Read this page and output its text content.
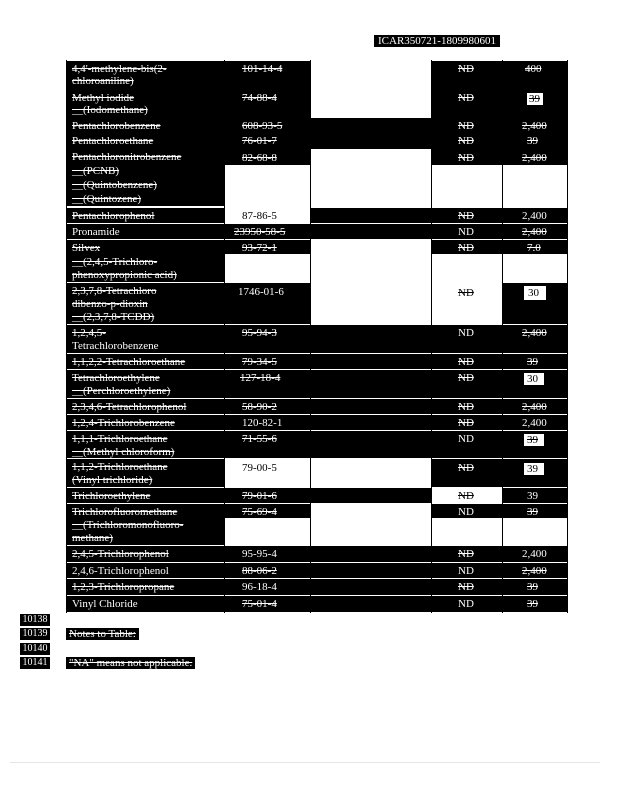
ICAR350721-1809980601
4,4'-methylene-bis(2-
chloroaniline)
101-14-4	ND	400
Methyl iodide
__(Iodomethane)
74-88-4	ND	39
Pentachlorobenzene	608-93-5	ND	2,400
Pentachloroethane	76-01-7	ND	39
Pentachloronitrobenzene
__(PCNB)
__(Quintobenzene)
__(Quintozene)
82-68-8	ND	2,400
Pentachlorophenol	87-86-5	ND	2,400
Pronamide	23950-58-5	ND	2,400
Silvex
__(2,4,5-Trichloro-
phenoxypropionic acid)
93-72-1	ND	7.0
2,3,7,8-Tetrachloro
dibenzo-p-dioxin
__(2,3,7,8-TCDD)
1746-01-6	ND	30
1,2,4,5-
Tetrachlorobenzene
95-94-3	ND	2,400
1,1,2,2-Tetrachloroethane	79-34-5	ND	39
Tetrachloroethylene
__(Perchloroethylene)
127-18-4	ND	30
2,3,4,6-Tetrachlorophenol	58-90-2	ND	2,400
1,2,4-Trichlorobenzene	120-82-1	ND	2,400
1,1,1-Trichloroethane
__(Methyl chloroform)
71-55-6	ND	39
1,1,2-Trichloroethane
(Vinyl trichloride)
79-00-5	ND	39
Trichloroethylene	79-01-6	ND	39
Trichlorofluoromethane
__(Trichloromonofluoro-
methane)
75-69-4	ND	39
2,4,5-Trichlorophenol	95-95-4	ND	2,400
2,4,6-Trichlorophenol	88-06-2	ND	2,400
1,2,3-Trichloropropane	96-18-4	ND	39
Vinyl Chloride	75-01-4	ND	39
10138
10139
10140
10141
Notes to Table:
"NA" means not applicable.
